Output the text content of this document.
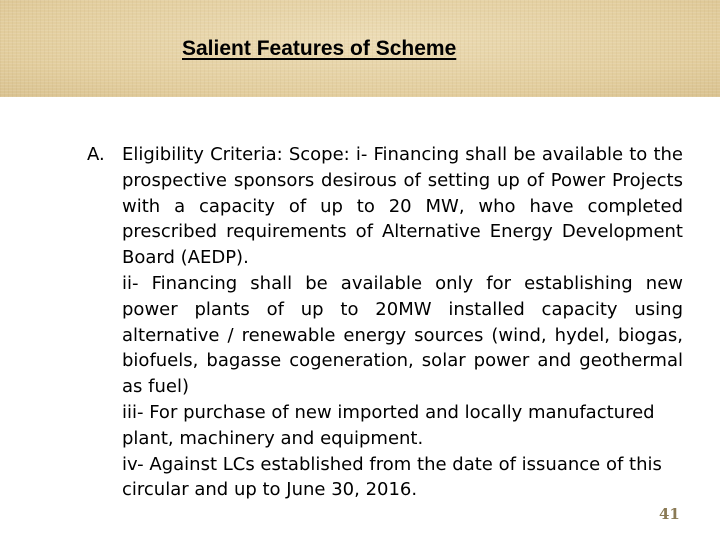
Salient Features of Scheme
A. Eligibility Criteria: Scope: i- Financing shall be available to the prospective sponsors desirous of setting up of Power Projects with a capacity of up to 20 MW, who have completed prescribed requirements of Alternative Energy Development Board (AEDP).

ii- Financing shall be available only for establishing new power plants of up to 20MW installed capacity using alternative / renewable energy sources (wind, hydel, biogas, biofuels, bagasse cogeneration, solar power and geothermal as fuel)

iii- For purchase of new imported and locally manufactured plant, machinery and equipment.

iv- Against LCs established from the date of issuance of this circular and up to June 30, 2016.

41
